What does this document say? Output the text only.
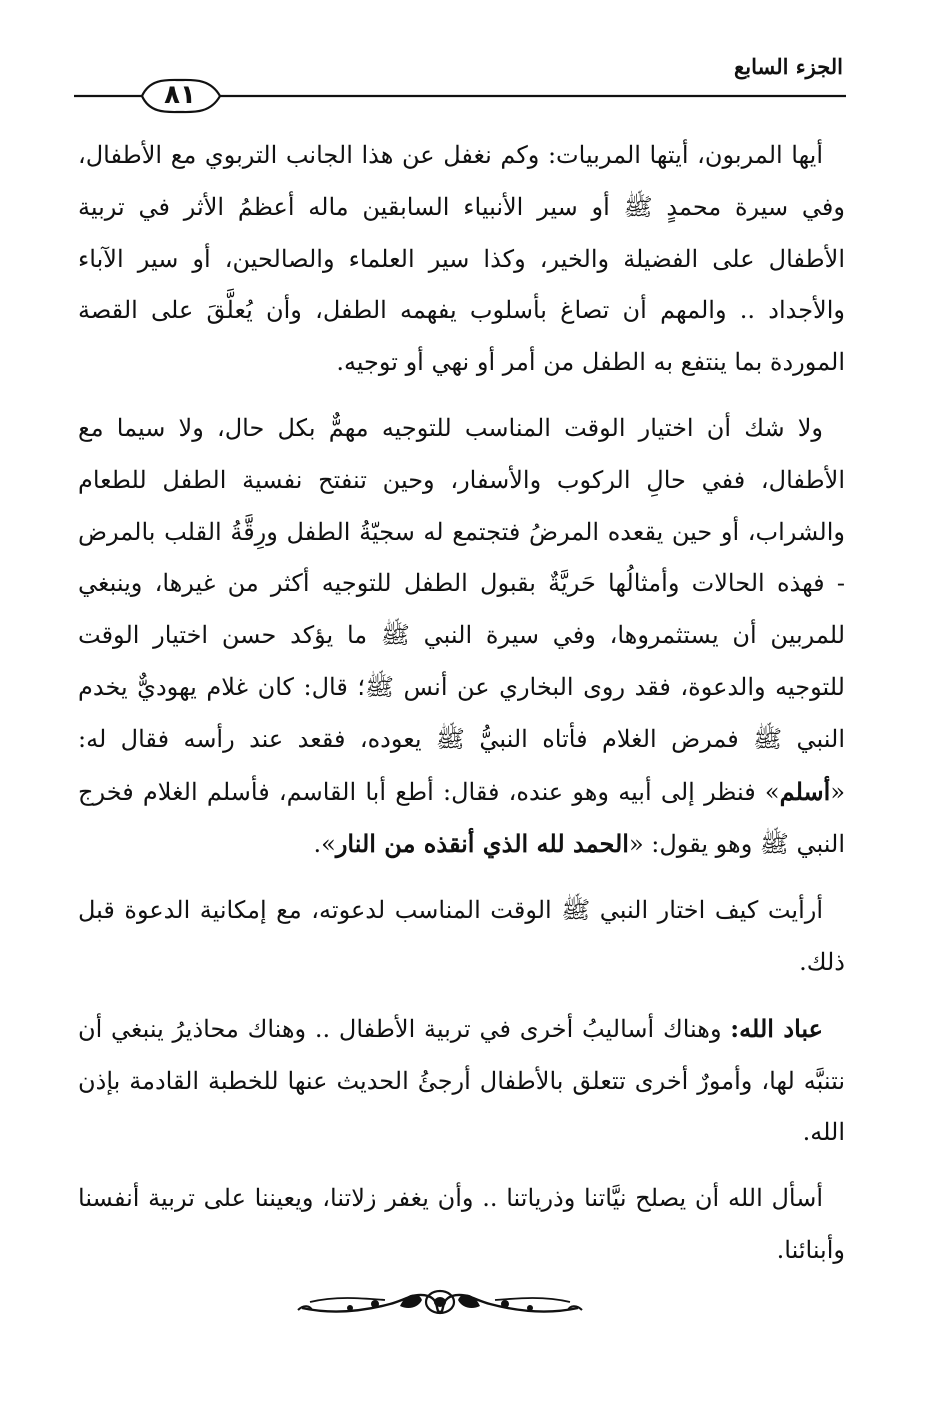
الجزء السابع
٨١

أيها المربون، أيتها المربيات: وكم نغفل عن هذا الجانب التربوي مع الأطفال، وفي سيرة محمدٍ ﷺ أو سير الأنبياء السابقين ماله أعظمُ الأثر في تربية الأطفال على الفضيلة والخير، وكذا سير العلماء والصالحين، أو سير الآباء والأجداد .. والمهم أن تصاغ بأسلوب يفهمه الطفل، وأن يُعلَّقَ على القصة الموردة بما ينتفع به الطفل من أمر أو نهي أو توجيه.

ولا شك أن اختيار الوقت المناسب للتوجيه مهمٌّ بكل حال، ولا سيما مع الأطفال، ففي حالِ الركوب والأسفار، وحين تنفتح نفسية الطفل للطعام والشراب، أو حين يقعده المرضُ فتجتمع له سجيّةُ الطفل ورِقَّةُ القلب بالمرض - فهذه الحالات وأمثالُها حَريَّةٌ بقبول الطفل للتوجيه أكثر من غيرها، وينبغي للمربين أن يستثمروها، وفي سيرة النبي ﷺ ما يؤكد حسن اختيار الوقت للتوجيه والدعوة، فقد روى البخاري عن أنس ﷺ؛ قال: كان غلام يهوديٌّ يخدم النبي ﷺ فمرض الغلام فأتاه النبيُّ ﷺ يعوده، فقعد عند رأسه فقال له: «أسلم» فنظر إلى أبيه وهو عنده، فقال: أطع أبا القاسم، فأسلم الغلام فخرج النبي ﷺ وهو يقول: «الحمد لله الذي أنقذه من النار».

أرأيت كيف اختار النبي ﷺ الوقت المناسب لدعوته، مع إمكانية الدعوة قبل ذلك.

عباد الله: وهناك أساليبُ أخرى في تربية الأطفال .. وهناك محاذيرُ ينبغي أن نتنبَّه لها، وأمورٌ أخرى تتعلق بالأطفال أرجئُ الحديث عنها للخطبة القادمة بإذن الله.

أسأل الله أن يصلح نيَّاتنا وذرياتنا .. وأن يغفر زلاتنا، ويعيننا على تربية أنفسنا وأبنائنا.
